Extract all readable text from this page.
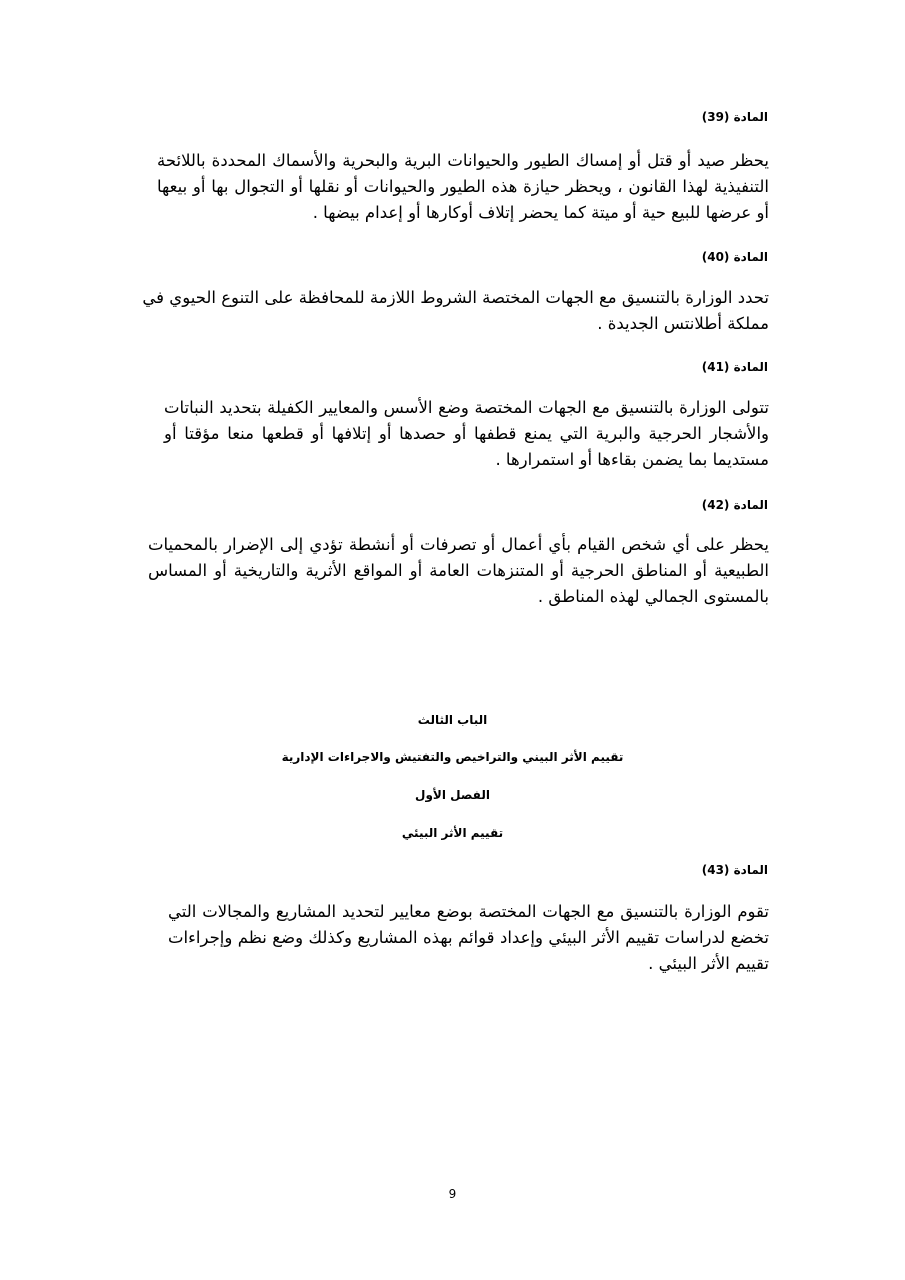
المادة (39)
يحظر صيد أو قتل أو إمساك الطيور والحيوانات البرية والبحرية والأسماك المحددة باللائحة
التنفيذية لهذا القانون ، ويحظر حيازة هذه الطيور والحيوانات أو نقلها أو التجوال بها أو بيعها
أو عرضها للبيع حية أو ميتة كما يحضر إتلاف أوكارها أو إعدام بيضها .
المادة (40)
تحدد الوزارة بالتنسيق مع الجهات المختصة الشروط اللازمة للمحافظة على التنوع الحيوي في
مملكة أطلانتس الجديدة .
المادة (41)
تتولى الوزارة بالتنسيق مع الجهات المختصة وضع الأسس والمعايير الكفيلة بتحديد النباتات
والأشجار الحرجية والبرية التي يمنع قطفها أو حصدها أو إتلافها أو قطعها منعا مؤقتا أو
مستديما بما يضمن بقاءها أو استمرارها .
المادة (42)
يحظر على أي شخص القيام بأي أعمال أو تصرفات أو أنشطة تؤدي إلى الإضرار بالمحميات
الطبيعية أو المناطق الحرجية أو المتنزهات العامة أو المواقع الأثرية والتاريخية أو المساس
بالمستوى الجمالي لهذه المناطق .
الباب الثالث
تقييم الأثر البيني والتراخيص والتفتيش والاجراءات الإدارية
الفصل الأول
تقييم الأثر البيئي
المادة (43)
تقوم الوزارة بالتنسيق مع الجهات المختصة بوضع معايير لتحديد المشاريع والمجالات التي
تخضع لدراسات تقييم الأثر البيئي وإعداد قوائم بهذه المشاريع وكذلك وضع نظم وإجراءات
تقييم الأثر البيئي .
9
